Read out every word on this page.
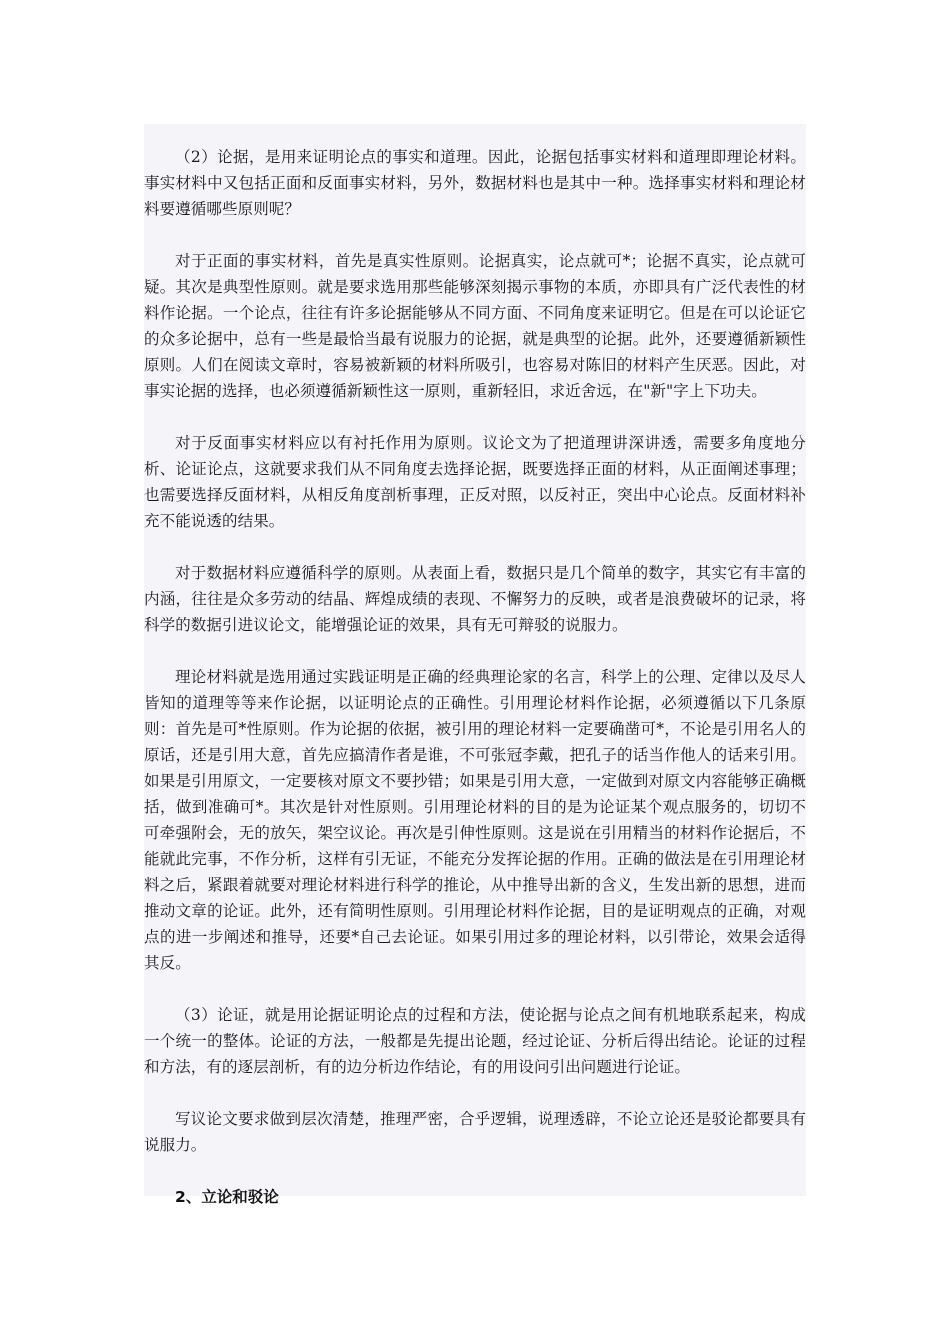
（2）论据，是用来证明论点的事实和道理。因此，论据包括事实材料和道理即理论材料。事实材料中又包括正面和反面事实材料，另外，数据材料也是其中一种。选择事实材料和理论材料要遵循哪些原则呢？

对于正面的事实材料，首先是真实性原则。论据真实，论点就可*；论据不真实，论点就可疑。其次是典型性原则。就是要求选用那些能够深刻揭示事物的本质，亦即具有广泛代表性的材料作论据。一个论点，往往有许多论据能够从不同方面、不同角度来证明它。但是在可以论证它的众多论据中，总有一些是最恰当最有说服力的论据，就是典型的论据。此外，还要遵循新颖性原则。人们在阅读文章时，容易被新颖的材料所吸引，也容易对陈旧的材料产生厌恶。因此，对事实论据的选择，也必须遵循新颖性这一原则，重新轻旧，求近舍远，在"新"字上下功夫。

对于反面事实材料应以有衬托作用为原则。议论文为了把道理讲深讲透，需要多角度地分析、论证论点，这就要求我们从不同角度去选择论据，既要选择正面的材料，从正面阐述事理；也需要选择反面材料，从相反角度剖析事理，正反对照，以反衬正，突出中心论点。反面材料补充不能说透的结果。

对于数据材料应遵循科学的原则。从表面上看，数据只是几个简单的数字，其实它有丰富的内涵，往往是众多劳动的结晶、辉煌成绩的表现、不懈努力的反映，或者是浪费破坏的记录，将科学的数据引进议论文，能增强论证的效果，具有无可辩驳的说服力。

理论材料就是选用通过实践证明是正确的经典理论家的名言，科学上的公理、定律以及尽人皆知的道理等等来作论据，以证明论点的正确性。引用理论材料作论据，必须遵循以下几条原则：首先是可*性原则。作为论据的依据，被引用的理论材料一定要确凿可*，不论是引用名人的原话，还是引用大意，首先应搞清作者是谁，不可张冠李戴，把孔子的话当作他人的话来引用。如果是引用原文，一定要核对原文不要抄错；如果是引用大意，一定做到对原文内容能够正确概括，做到准确可*。其次是针对性原则。引用理论材料的目的是为论证某个观点服务的，切切不可牵强附会，无的放矢，架空议论。再次是引伸性原则。这是说在引用精当的材料作论据后，不能就此完事，不作分析，这样有引无证，不能充分发挥论据的作用。正确的做法是在引用理论材料之后，紧跟着就要对理论材料进行科学的推论，从中推导出新的含义，生发出新的思想，进而推动文章的论证。此外，还有简明性原则。引用理论材料作论据，目的是证明观点的正确，对观点的进一步阐述和推导，还要*自己去论证。如果引用过多的理论材料，以引带论，效果会适得其反。

（3）论证，就是用论据证明论点的过程和方法，使论据与论点之间有机地联系起来，构成一个统一的整体。论证的方法，一般都是先提出论题，经过论证、分析后得出结论。论证的过程和方法，有的逐层剖析，有的边分析边作结论，有的用设问引出问题进行论证。

写议论文要求做到层次清楚，推理严密，合乎逻辑，说理透辟，不论立论还是驳论都要具有说服力。

2、立论和驳论
